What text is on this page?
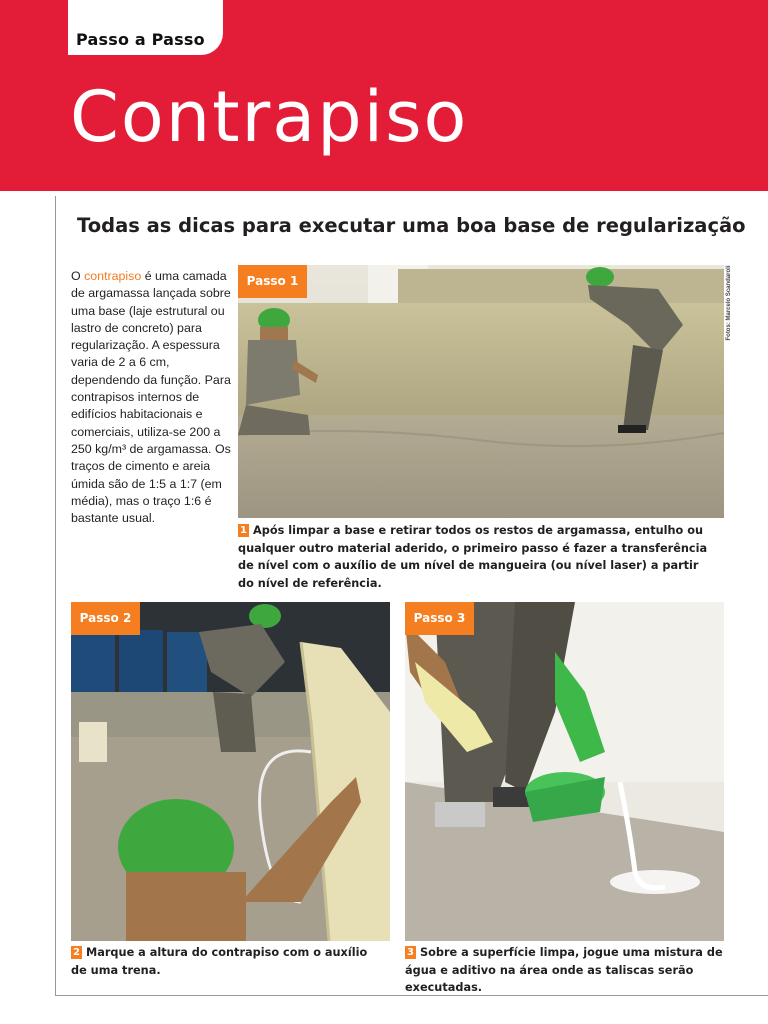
Passo a Passo
Contrapiso
Todas as dicas para executar uma boa base de regularização
O contrapiso é uma camada de argamassa lançada sobre uma base (laje estrutural ou lastro de concreto) para regularização. A espessura varia de 2 a 6 cm, dependendo da função. Para contrapisos internos de edifícios habitacionais e comerciais, utiliza-se 200 a 250 kg/m³ de argamassa. Os traços de cimento e areia úmida são de 1:5 a 1:7 (em média), mas o traço 1:6 é bastante usual.
Passo 1	Fotos: Marcelo Scandaroli
1 Após limpar a base e retirar todos os restos de argamassa, entulho ou qualquer outro material aderido, o primeiro passo é fazer a transferência de nível com o auxílio de um nível de mangueira (ou nível laser) a partir do nível de referência.
Passo 2
2 Marque a altura do contrapiso com o auxílio de uma trena.
Passo 3
3 Sobre a superfície limpa, jogue uma mistura de água e aditivo na área onde as taliscas serão executadas.
